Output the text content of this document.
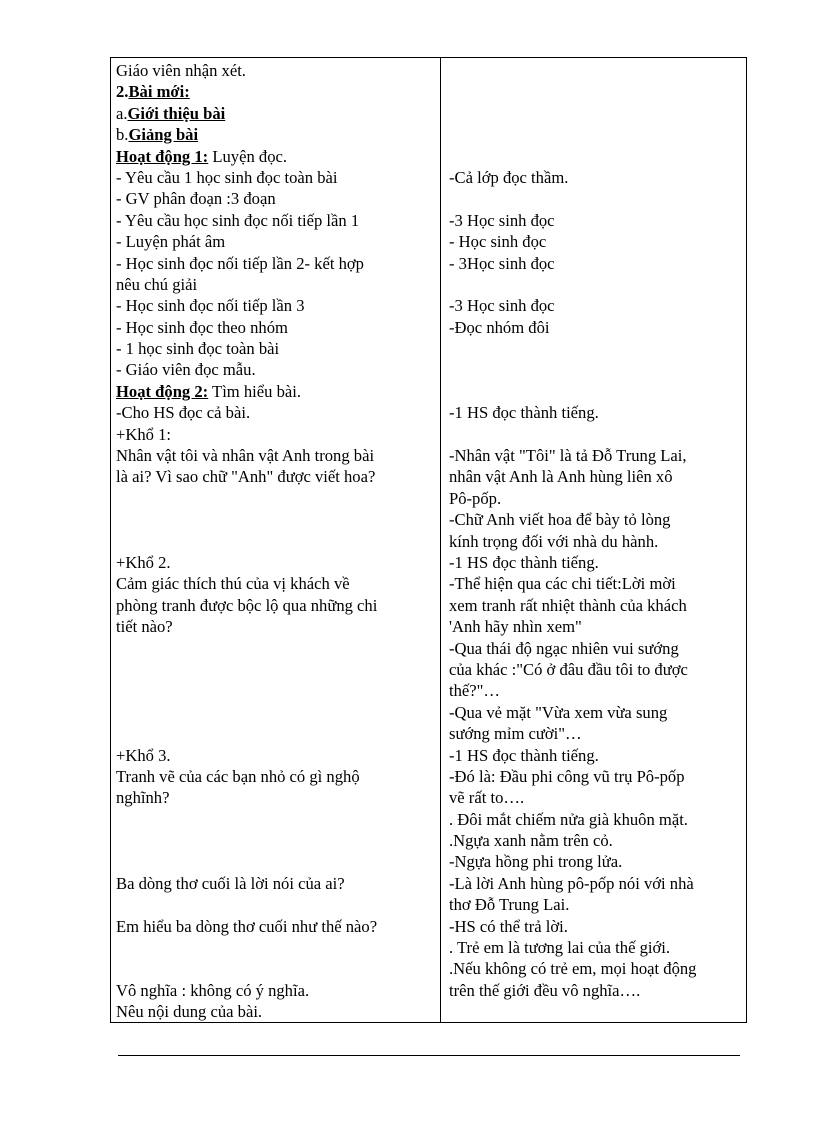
Giáo viên nhận xét.
2.Bài mới:
a.Giới thiệu bài
b.Giảng bài
Hoạt động 1: Luyện đọc.
- Yêu cầu 1 học sinh đọc toàn bài
- GV phân đoạn :3 đoạn
- Yêu cầu học sinh đọc nối tiếp lần 1
- Luyện phát âm
- Học sinh đọc nối tiếp lần 2- kết hợp
nêu chú giải
- Học sinh đọc nối tiếp lần 3
- Học sinh đọc theo nhóm
- 1 học sinh đọc toàn bài
- Giáo viên đọc mẫu.
Hoạt động 2: Tìm hiểu bài.
-Cho HS đọc cả bài.
+Khổ 1:
Nhân vật tôi và nhân vật Anh trong bài
là ai? Vì sao chữ "Anh" được viết hoa?
+Khổ 2.
Cảm giác thích thú của vị khách về
phòng tranh được bộc lộ qua những chi
tiết nào?
+Khổ 3.
Tranh vẽ của các bạn nhỏ có gì nghộ
nghĩnh?
Ba dòng thơ cuối là lời nói của ai?
Em hiểu ba dòng thơ cuối như thế nào?
Vô nghĩa : không có ý nghĩa.
Nêu nội dung của bài.
-Cả lớp đọc thầm.
-3 Học sinh đọc
- Học sinh đọc
- 3Học sinh đọc
-3 Học sinh đọc
-Đọc nhóm đôi
-1 HS đọc thành tiếng.
-Nhân vật "Tôi" là tả Đỗ Trung Lai,
nhân vật Anh là Anh hùng liên xô
Pô-pốp.
-Chữ Anh viết hoa để bày tỏ lòng
kính trọng đối với nhà du hành.
-1 HS đọc thành tiếng.
-Thể hiện qua các chi tiết:Lời mời
xem tranh rất nhiệt thành của khách
'Anh hãy nhìn xem"
-Qua thái độ ngạc nhiên vui sướng
của khác :"Có ở đâu đầu tôi to được
thế?"…
-Qua vẻ mặt "Vừa xem vừa sung
sướng mỉm cười"…
-1 HS đọc thành tiếng.
-Đó là: Đầu phi công vũ trụ Pô-pốp
vẽ rất to….
. Đôi mắt chiếm nửa già khuôn mặt.
.Ngựa xanh nằm trên cỏ.
-Ngựa hồng phi trong lửa.
-Là lời Anh hùng pô-pốp nói với nhà
thơ Đỗ Trung Lai.
-HS có thể trả lời.
. Trẻ em là tương lai của thế giới.
.Nếu không có trẻ em, mọi hoạt động
trên thế giới đều vô nghĩa….
